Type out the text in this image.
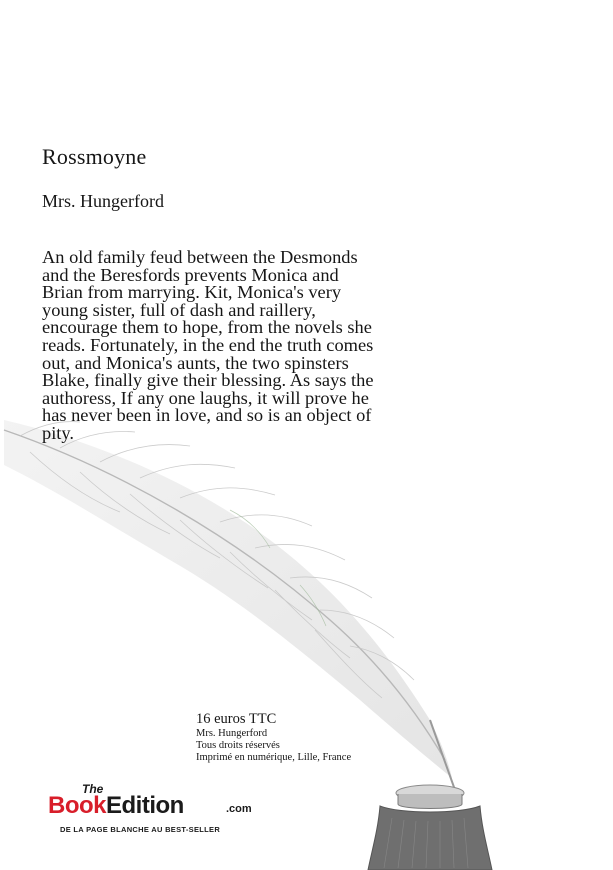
Rossmoyne
Mrs. Hungerford

An old family feud between the Desmonds
and the Beresfords prevents Monica and
Brian from marrying. Kit, Monica's very
young sister, full of dash and raillery,
encourage them to hope, from the novels she
reads. Fortunately, in the end the truth comes
out, and Monica's aunts, the two spinsters
Blake, finally give their blessing. As says the
authoress, If any one laughs, it will prove he
has never been in love, and so is an object of
pity.

16 euros TTC
Mrs. Hungerford
Tous droits réservés
Imprimé en numérique, Lille, France
The
BookEdition	.com
DE LA PAGE BLANCHE AU BEST-SELLER
